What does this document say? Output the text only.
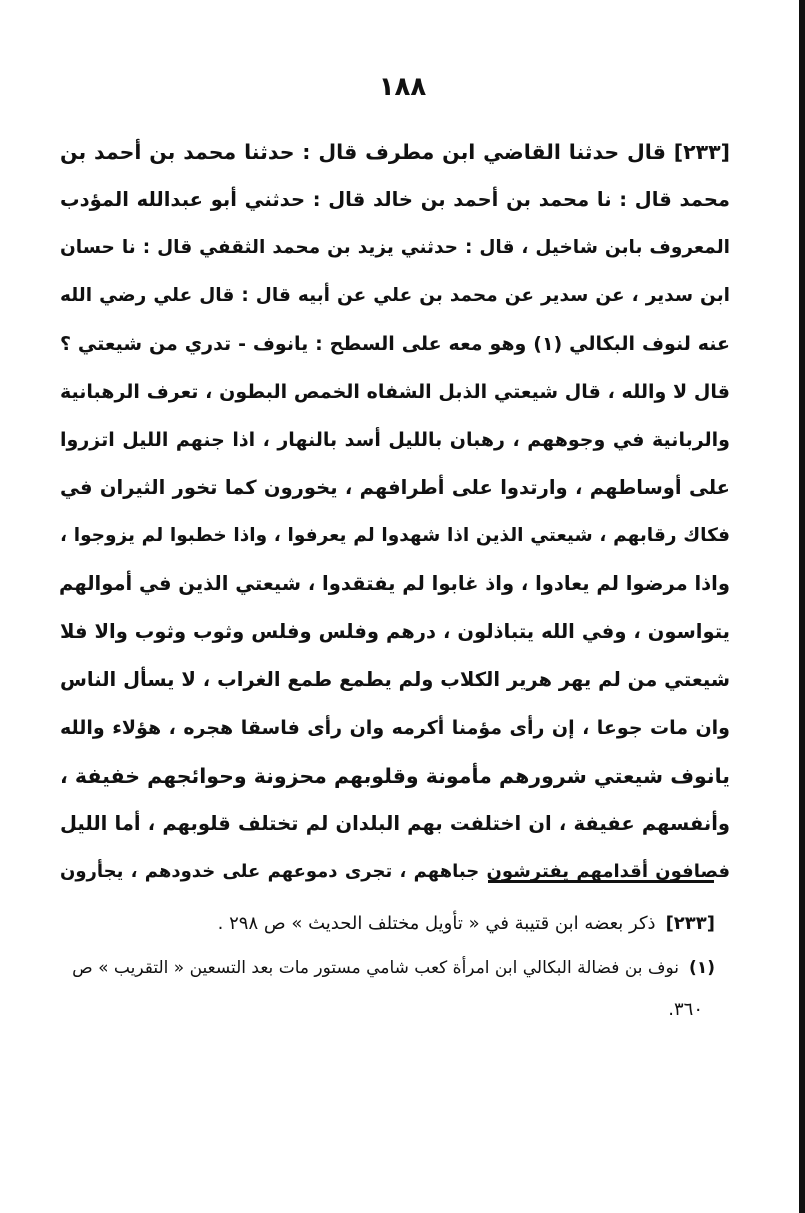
١٨٨
[٢٣٣] قال حدثنا القاضي ابن مطرف قال : حدثنا محمد بن أحمد بن
محمد قال : نا محمد بن أحمد بن خالد قال : حدثني أبو عبدالله المؤدب
المعروف بابن شاخيل ، قال : حدثني يزيد بن محمد الثقفي قال : نا حسان
ابن سدير ، عن سدير عن محمد بن علي عن أبيه قال : قال علي رضي الله
عنه لنوف البكالي (١) وهو معه على السطح : يانوف - تدري من شيعتي ؟
قال لا والله ، قال شيعتي الذبل الشفاه الخمص البطون ، تعرف الرهبانية
والربانية في وجوههم ، رهبان بالليل أسد بالنهار ، اذا جنهم الليل اتزروا
على أوساطهم ، وارتدوا على أطرافهم ، يخورون كما تخور الثيران في
فكاك رقابهم ، شيعتي الذين اذا شهدوا لم يعرفوا ، واذا خطبوا لم يزوجوا ،
واذا مرضوا لم يعادوا ، واذ غابوا لم يفتقدوا ، شيعتي الذين في أموالهم
يتواسون ، وفي الله يتباذلون ، درهم وفلس وفلس وثوب وثوب والا فلا
شيعتي من لم يهر هرير الكلاب ولم يطمع طمع الغراب ، لا يسأل الناس
وان مات جوعا ، إن رأى مؤمنا أكرمه وان رأى فاسقا هجره ، هؤلاء والله
يانوف شيعتي شرورهم مأمونة وقلوبهم محزونة وحوائجهم خفيفة ،
وأنفسهم عفيفة ، ان اختلفت بهم البلدان لم تختلف قلوبهم ، أما الليل
فصافون أقدامهم يفترشون جباههم ، تجرى دموعهم على خدودهم ، يجأرون
[٢٣٣]ذكر بعضه ابن قتيبة في « تأويل مختلف الحديث » ص ٢٩٨ .
(١)نوف بن فضالة البكالي ابن امرأة كعب شامي مستور مات بعد التسعين « التقريب » ص
٣٦٠.
